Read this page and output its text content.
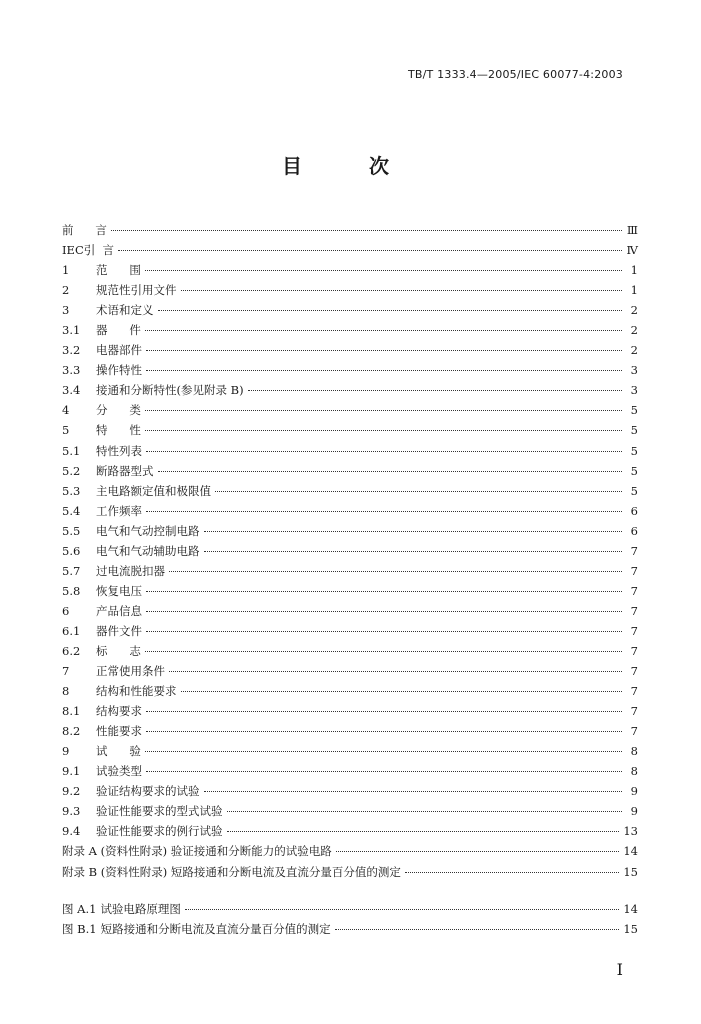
TB/T 1333.4—2005/IEC 60077-4:2003
目 次
前      言	Ⅲ
IEC引  言	Ⅳ
1	范      围	1
2	规范性引用文件	1
3	术语和定义	2
3.1	器      件	2
3.2	电器部件	2
3.3	操作特性	3
3.4	接通和分断特性(参见附录 B)	3
4	分      类	5
5	特      性	5
5.1	特性列表	5
5.2	断路器型式	5
5.3	主电路额定值和极限值	5
5.4	工作频率	6
5.5	电气和气动控制电路	6
5.6	电气和气动辅助电路	7
5.7	过电流脱扣器	7
5.8	恢复电压	7
6	产品信息	7
6.1	器件文件	7
6.2	标      志	7
7	正常使用条件	7
8	结构和性能要求	7
8.1	结构要求	7
8.2	性能要求	7
9	试      验	8
9.1	试验类型	8
9.2	验证结构要求的试验	9
9.3	验证性能要求的型式试验	9
9.4	验证性能要求的例行试验	13
附录 A (资料性附录) 验证接通和分断能力的试验电路	14
附录 B (资料性附录) 短路接通和分断电流及直流分量百分值的测定	15
图 A.1 试验电路原理图	14
图 B.1 短路接通和分断电流及直流分量百分值的测定	15
I
